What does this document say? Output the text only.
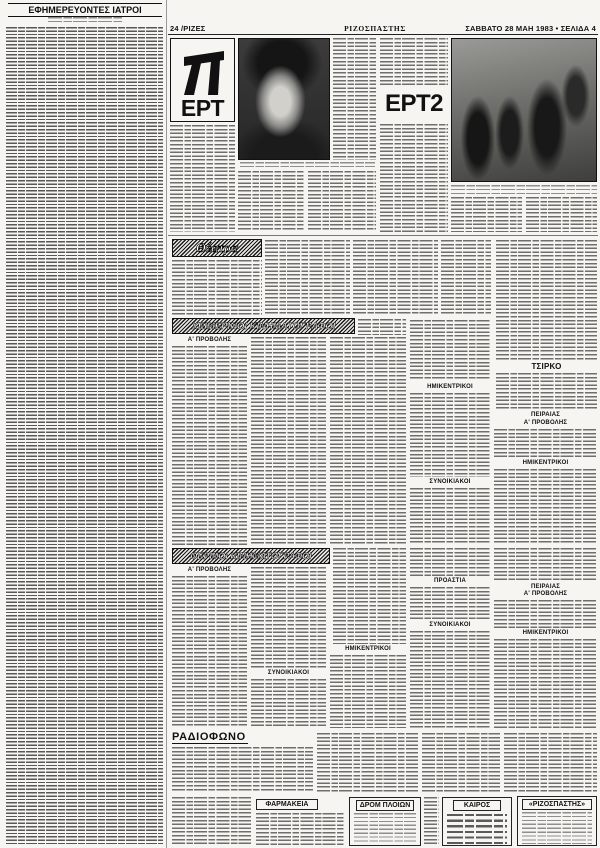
ΕΦΗΜΕΡΕΥΟΝΤΕΣ ΙΑΤΡΟΙ
24 /ΡΙΖΕΣ	ΡΙΖΟΣΠΑΣΤΗΣ	ΣΑΒΒΑΤΟ 28 ΜΑΗ 1983 • ΣΕΛΙΔΑ 4
ΕΡΤ	ΕΡΤ2
Θέατρα
ΤΣΙΡΚΟ
ΧΕΙΜΕΡΙΝΟΙ ΚΙΝΗΜΑΤΟΓΡΑΦΟΙ
Α' ΠΡΟΒΟΛΗΣ
ΗΜΙΚΕΝΤΡΙΚΟΙ
ΣΥΝΟΙΚΙΑΚΟΙ
ΠΕΙΡΑΙΑΣ
Α' ΠΡΟΒΟΛΗΣ
ΗΜΙΚΕΝΤΡΙΚΟΙ
ΘΕΡΙΝΟΙ ΚΙΝΗΜΑΤΟΓΡΑΦΟΙ
Α' ΠΡΟΒΟΛΗΣ
ΣΥΝΟΙΚΙΑΚΟΙ
ΗΜΙΚΕΝΤΡΙΚΟΙ
ΠΡΟΑΣΤΙΑ
ΣΥΝΟΙΚΙΑΚΟΙ
ΠΕΙΡΑΙΑΣ
Α' ΠΡΟΒΟΛΗΣ
ΗΜΙΚΕΝΤΡΙΚΟΙ
ΡΑΔΙΟΦΩΝΟ
ΦΑΡΜΑΚΕΙΑ	ΔΡΟΜ ΠΛΟΙΩΝ	ΚΑΙΡΟΣ	«ΡΙΖΟΣΠΑΣΤΗΣ»
